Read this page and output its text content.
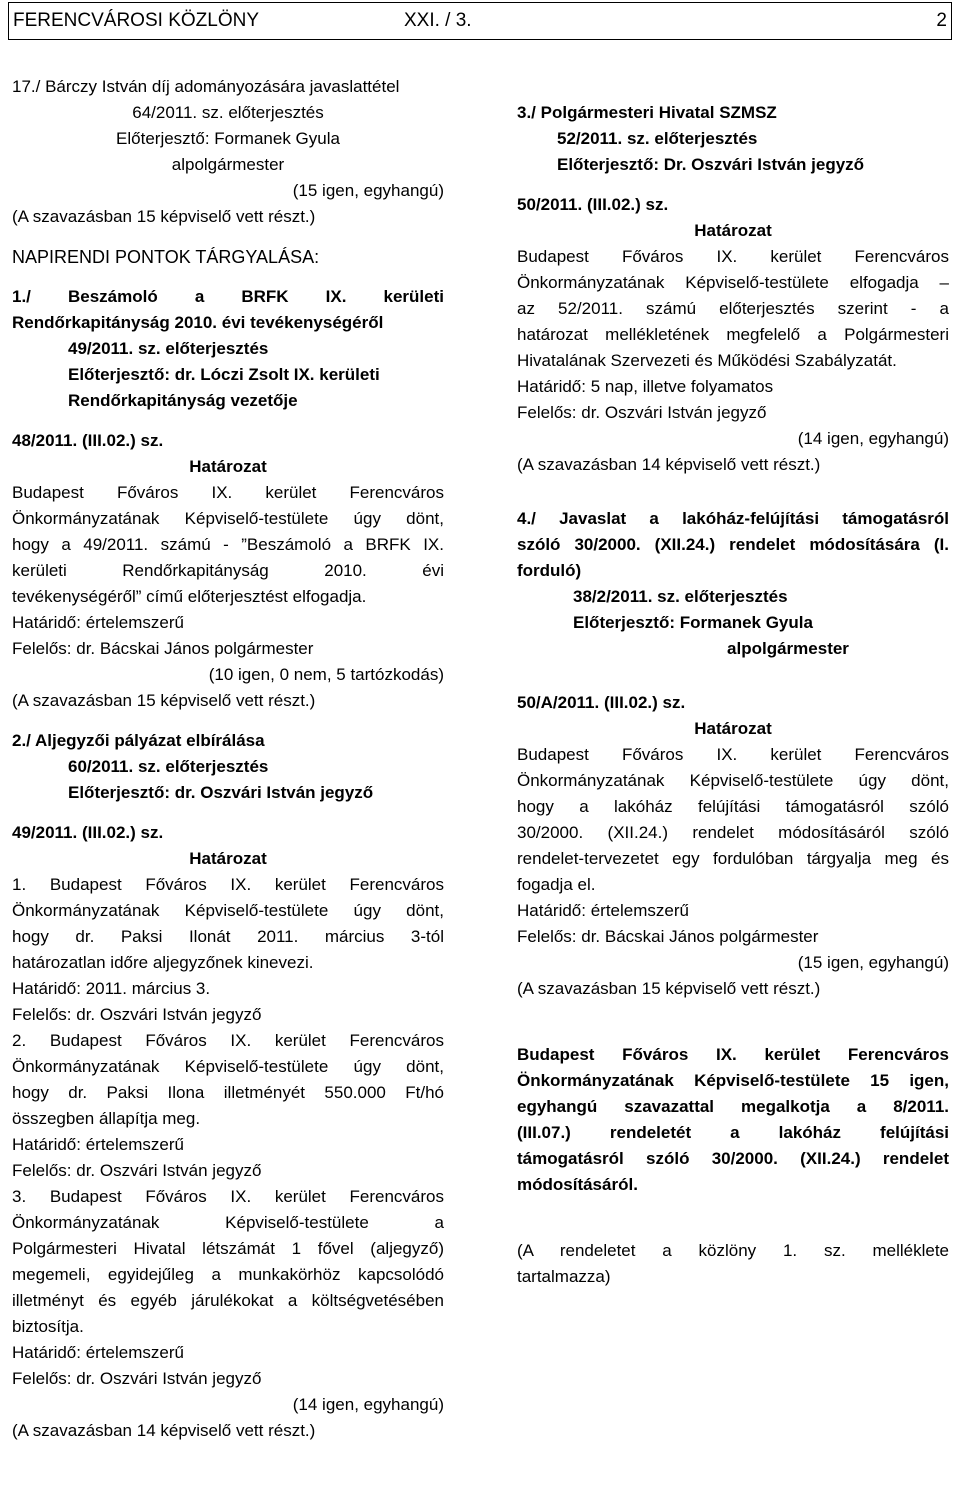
FERENCVÁROSI KÖZLÖNY	XXI. / 3.	2

17./ Bárczy István díj adományozására javaslattétel

64/2011. sz. előterjesztés

Előterjesztő: Formanek Gyula

alpolgármester

(15 igen, egyhangú)

(A szavazásban 15 képviselő vett részt.)

NAPIRENDI PONTOK TÁRGYALÁSA:

1./ Beszámoló a BRFK IX. kerületi

Rendőrkapitányság 2010. évi tevékenységéről

49/2011. sz. előterjesztés

Előterjesztő: dr. Lóczi Zsolt IX. kerületi

Rendőrkapitányság vezetője

48/2011. (III.02.) sz.

Határozat

Budapest Főváros IX. kerület Ferencváros

Önkormányzatának Képviselő-testülete úgy dönt,

hogy a 49/2011. számú - ”Beszámoló a BRFK IX.

kerületi Rendőrkapitányság 2010. évi

tevékenységéről” című előterjesztést elfogadja.

Határidő: értelemszerű

Felelős: dr. Bácskai János polgármester

(10 igen, 0 nem, 5 tartózkodás)

(A szavazásban 15 képviselő vett részt.)

2./ Aljegyzői pályázat elbírálása

60/2011. sz. előterjesztés

Előterjesztő: dr. Oszvári István jegyző

49/2011. (III.02.) sz.

Határozat

1. Budapest Főváros IX. kerület Ferencváros

Önkormányzatának Képviselő-testülete úgy dönt,

hogy dr. Paksi Ilonát 2011. március 3-tól

határozatlan időre aljegyzőnek kinevezi.

Határidő: 2011. március 3.

Felelős: dr. Oszvári István jegyző

2. Budapest Főváros IX. kerület Ferencváros

Önkormányzatának Képviselő-testülete úgy dönt,

hogy dr. Paksi Ilona illetményét 550.000 Ft/hó

összegben állapítja meg.

Határidő: értelemszerű

Felelős: dr. Oszvári István jegyző

3. Budapest Főváros IX. kerület Ferencváros

Önkormányzatának Képviselő-testülete a

Polgármesteri Hivatal létszámát 1 fővel (aljegyző)

megemeli, egyidejűleg a munkakörhöz kapcsolódó

illetményt és egyéb járulékokat a költségvetésében

biztosítja.

Határidő: értelemszerű

Felelős: dr. Oszvári István jegyző

(14 igen, egyhangú)

(A szavazásban 14 képviselő vett részt.)

3./ Polgármesteri Hivatal SZMSZ

52/2011. sz. előterjesztés

Előterjesztő: Dr. Oszvári István jegyző

50/2011. (III.02.) sz.

Határozat

Budapest Főváros IX. kerület Ferencváros

Önkormányzatának Képviselő-testülete elfogadja –

az 52/2011. számú előterjesztés szerint - a

határozat mellékletének megfelelő a Polgármesteri

Hivatalának Szervezeti és Működési Szabályzatát.

Határidő: 5 nap, illetve folyamatos

Felelős: dr. Oszvári István jegyző

(14 igen, egyhangú)

(A szavazásban 14 képviselő vett részt.)

4./ Javaslat a lakóház-felújítási támogatásról

szóló 30/2000. (XII.24.) rendelet módosítására (I.

forduló)

38/2/2011. sz. előterjesztés

Előterjesztő: Formanek Gyula

alpolgármester

50/A/2011. (III.02.) sz.

Határozat

Budapest Főváros IX. kerület Ferencváros

Önkormányzatának Képviselő-testülete úgy dönt,

hogy a lakóház felújítási támogatásról szóló

30/2000. (XII.24.) rendelet módosításáról szóló

rendelet-tervezetet egy fordulóban tárgyalja meg és

fogadja el.

Határidő: értelemszerű

Felelős: dr. Bácskai János polgármester

(15 igen, egyhangú)

(A szavazásban 15 képviselő vett részt.)

Budapest Főváros IX. kerület Ferencváros

Önkormányzatának Képviselő-testülete 15 igen,

egyhangú szavazattal megalkotja a 8/2011.

(III.07.) rendeletét a lakóház felújítási

támogatásról szóló 30/2000. (XII.24.) rendelet

módosításáról.

(A rendeletet a közlöny 1. sz. melléklete

tartalmazza)
